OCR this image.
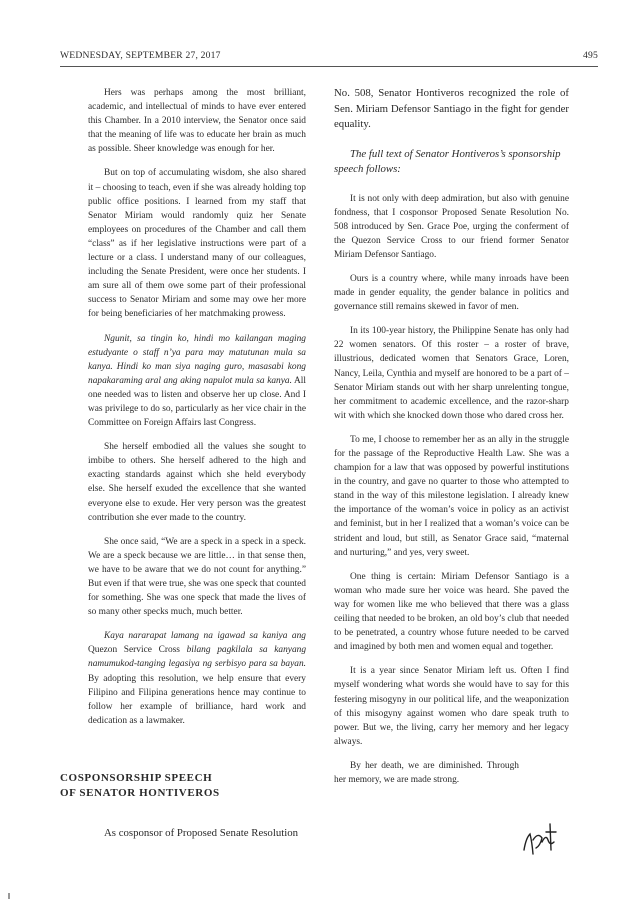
WEDNESDAY, SEPTEMBER 27, 2017	495

Hers was perhaps among the most brilliant, academic, and intellectual of minds to have ever entered this Chamber. In a 2010 interview, the Senator once said that the meaning of life was to educate her brain as much as possible. Sheer knowledge was enough for her.

But on top of accumulating wisdom, she also shared it – choosing to teach, even if she was already holding top public office positions. I learned from my staff that Senator Miriam would randomly quiz her Senate employees on procedures of the Chamber and call them “class” as if her legislative instructions were part of a lecture or a class. I understand many of our colleagues, including the Senate President, were once her students. I am sure all of them owe some part of their professional success to Senator Miriam and some may owe her more for being beneficiaries of her matchmaking prowess.

Ngunit, sa tingin ko, hindi mo kailangan maging estudyante o staff n’ya para may matutunan mula sa kanya. Hindi ko man siya naging guro, masasabi kong napakaraming aral ang aking napulot mula sa kanya. All one needed was to listen and observe her up close. And I was privilege to do so, particularly as her vice chair in the Committee on Foreign Affairs last Congress.

She herself embodied all the values she sought to imbibe to others. She herself adhered to the high and exacting standards against which she held everybody else. She herself exuded the excellence that she wanted everyone else to exude. Her very person was the greatest contribution she ever made to the country.

She once said, “We are a speck in a speck in a speck. We are a speck because we are little… in that sense then, we have to be aware that we do not count for anything.” But even if that were true, she was one speck that counted for something. She was one speck that made the lives of so many other specks much, much better.

Kaya nararapat lamang na igawad sa kaniya ang Quezon Service Cross bilang pagkilala sa kanyang namumukod-tanging legasiya ng serbisyo para sa bayan. By adopting this resolution, we help ensure that every Filipino and Filipina generations hence may continue to follow her example of brilliance, hard work and dedication as a lawmaker.

COSPONSORSHIP SPEECH
OF SENATOR HONTIVEROS
As cosponsor of Proposed Senate Resolution

No. 508, Senator Hontiveros recognized the role of Sen. Miriam Defensor Santiago in the fight for gender equality.

The full text of Senator Hontiveros’s sponsorship speech follows:

It is not only with deep admiration, but also with genuine fondness, that I cosponsor Proposed Senate Resolution No. 508 introduced by Sen. Grace Poe, urging the conferment of the Quezon Service Cross to our friend former Senator Miriam Defensor Santiago.

Ours is a country where, while many inroads have been made in gender equality, the gender balance in politics and governance still remains skewed in favor of men.

In its 100-year history, the Philippine Senate has only had 22 women senators. Of this roster – a roster of brave, illustrious, dedicated women that Senators Grace, Loren, Nancy, Leila, Cynthia and myself are honored to be a part of – Senator Miriam stands out with her sharp unrelenting tongue, her commitment to academic excellence, and the razor-sharp wit with which she knocked down those who dared cross her.

To me, I choose to remember her as an ally in the struggle for the passage of the Reproductive Health Law. She was a champion for a law that was opposed by powerful institutions in the country, and gave no quarter to those who attempted to stand in the way of this milestone legislation. I already knew the importance of the woman’s voice in policy as an activist and feminist, but in her I realized that a woman’s voice can be strident and loud, but still, as Senator Grace said, “maternal and nurturing,” and yes, very sweet.

One thing is certain: Miriam Defensor Santiago is a woman who made sure her voice was heard. She paved the way for women like me who believed that there was a glass ceiling that needed to be broken, an old boy’s club that needed to be penetrated, a country whose future needed to be carved and imagined by both men and women equal and together.

It is a year since Senator Miriam left us. Often I find myself wondering what words she would have to say for this festering misogyny in our political life, and the weaponization of this misogyny against women who dare speak truth to power. But we, the living, carry her memory and her legacy always.

By her death, we are diminished. Through her memory, we are made strong.
